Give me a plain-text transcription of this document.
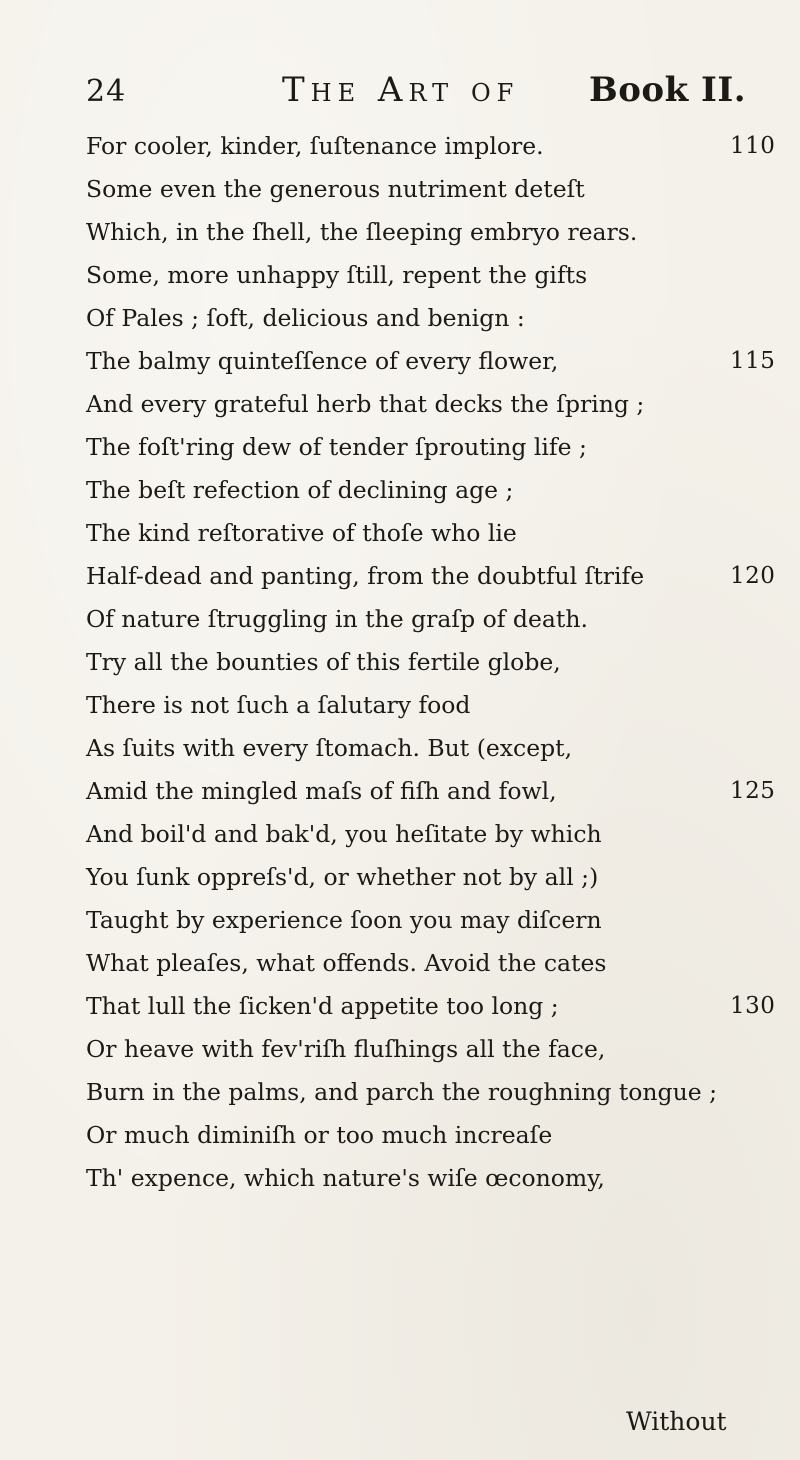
24	The Art of Book II.
For cooler, kinder, ſuſtenance implore.	110
Some even the generous nutriment deteſt
Which, in the ſhell, the ſleeping embryo rears.
Some, more unhappy ſtill, repent the gifts
Of Pales ; ſoft, delicious and benign :
The balmy quinteſſence of every flower,	115
And every grateful herb that decks the ſpring ;
The foſt'ring dew of tender ſprouting life ;
The beſt refection of declining age ;
The kind reſtorative of thoſe who lie
Half-dead and panting, from the doubtful ſtrife	120
Of nature ſtruggling in the graſp of death.
Try all the bounties of this fertile globe,
There is not ſuch a ſalutary food
As ſuits with every ſtomach. But (except,
Amid the mingled maſs of fiſh and fowl,	125
And boil'd and bak'd, you heſitate by which
You ſunk oppreſs'd, or whether not by all ;)
Taught by experience ſoon you may diſcern
What pleaſes, what offends. Avoid the cates
That lull the ſicken'd appetite too long ;	130
Or heave with fev'riſh fluſhings all the face,
Burn in the palms, and parch the roughning tongue ;
Or much diminiſh or too much increaſe
Th' expence, which nature's wiſe œconomy,
Without
